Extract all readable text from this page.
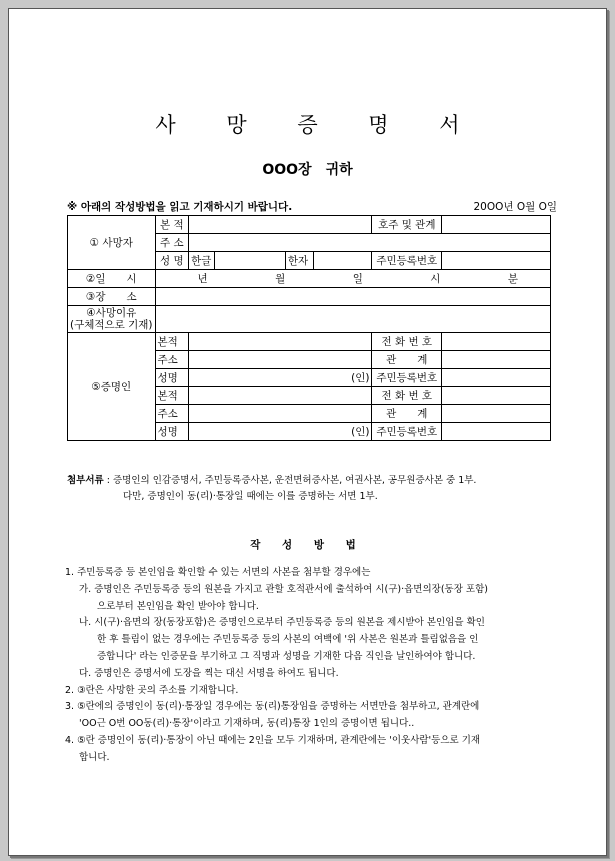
사 망 증 명 서
OOO장 귀하
※ 아래의 작성방법을 읽고 기재하시기 바랍니다.	20OO년 O월 O일
① 사망자	본 적					호주 및 관계	
	주 소						
	성 명	한글		한자		주민등록번호	
②일　　시	년 월 일 시 분						

③장　　소							

④사망이유
(구체적으로 기재)							

⑤증명인	본적					전 화 번 호	
	주소					관　　계	
	성명	(인)				주민등록번호	
	본적					전 화 번 호	
	주소					관　　계	
	성명	(인)				주민등록번호	
첨부서류 : 증명인의 인감증명서, 주민등록증사본, 운전면허증사본, 여권사본, 공무원증사본 중 1부.
다만, 증명인이 동(리)·통장일 때에는 이를 증명하는 서면 1부.
작 성 방 법
1. 주민등록증 등 본인임을 확인할 수 있는 서면의 사본을 첨부할 경우에는
가. 증명인은 주민등록증 등의 원본을 가지고 관할 호적관서에 출석하여 시(구)·읍면의장(동장 포함)
으로부터 본인임을 확인 받아야 합니다.
나. 시(구)·읍면의 장(동장포함)은 증명인으로부터 주민등록증 등의 원본을 제시받아 본인임을 확인
한 후 틀림이 없는 경우에는 주민등록증 등의 사본의 여백에 '위 사본은 원본과 틀림없음을 인
증합니다' 라는 인증문을 부기하고 그 직명과 성명을 기재한 다음 직인을 날인하여야 합니다.
다. 증명인은 증명서에 도장을 찍는 대신 서명을 하여도 됩니다.
2. ③란은 사망한 곳의 주소를 기재합니다.
3. ⑤란에의 증명인이 동(리)·통장일 경우에는 동(리)통장임을 증명하는 서면만을 첨부하고, 관계란에
'OO근 O번 OO동(리)·통장'이라고 기재하며, 동(리)통장 1인의 증명이면 됩니다..
4. ⑤란 증명인이 동(리)·통장이 아닌 때에는 2인을 모두 기재하며, 관계란에는 '이웃사람'등으로 기재
합니다.
